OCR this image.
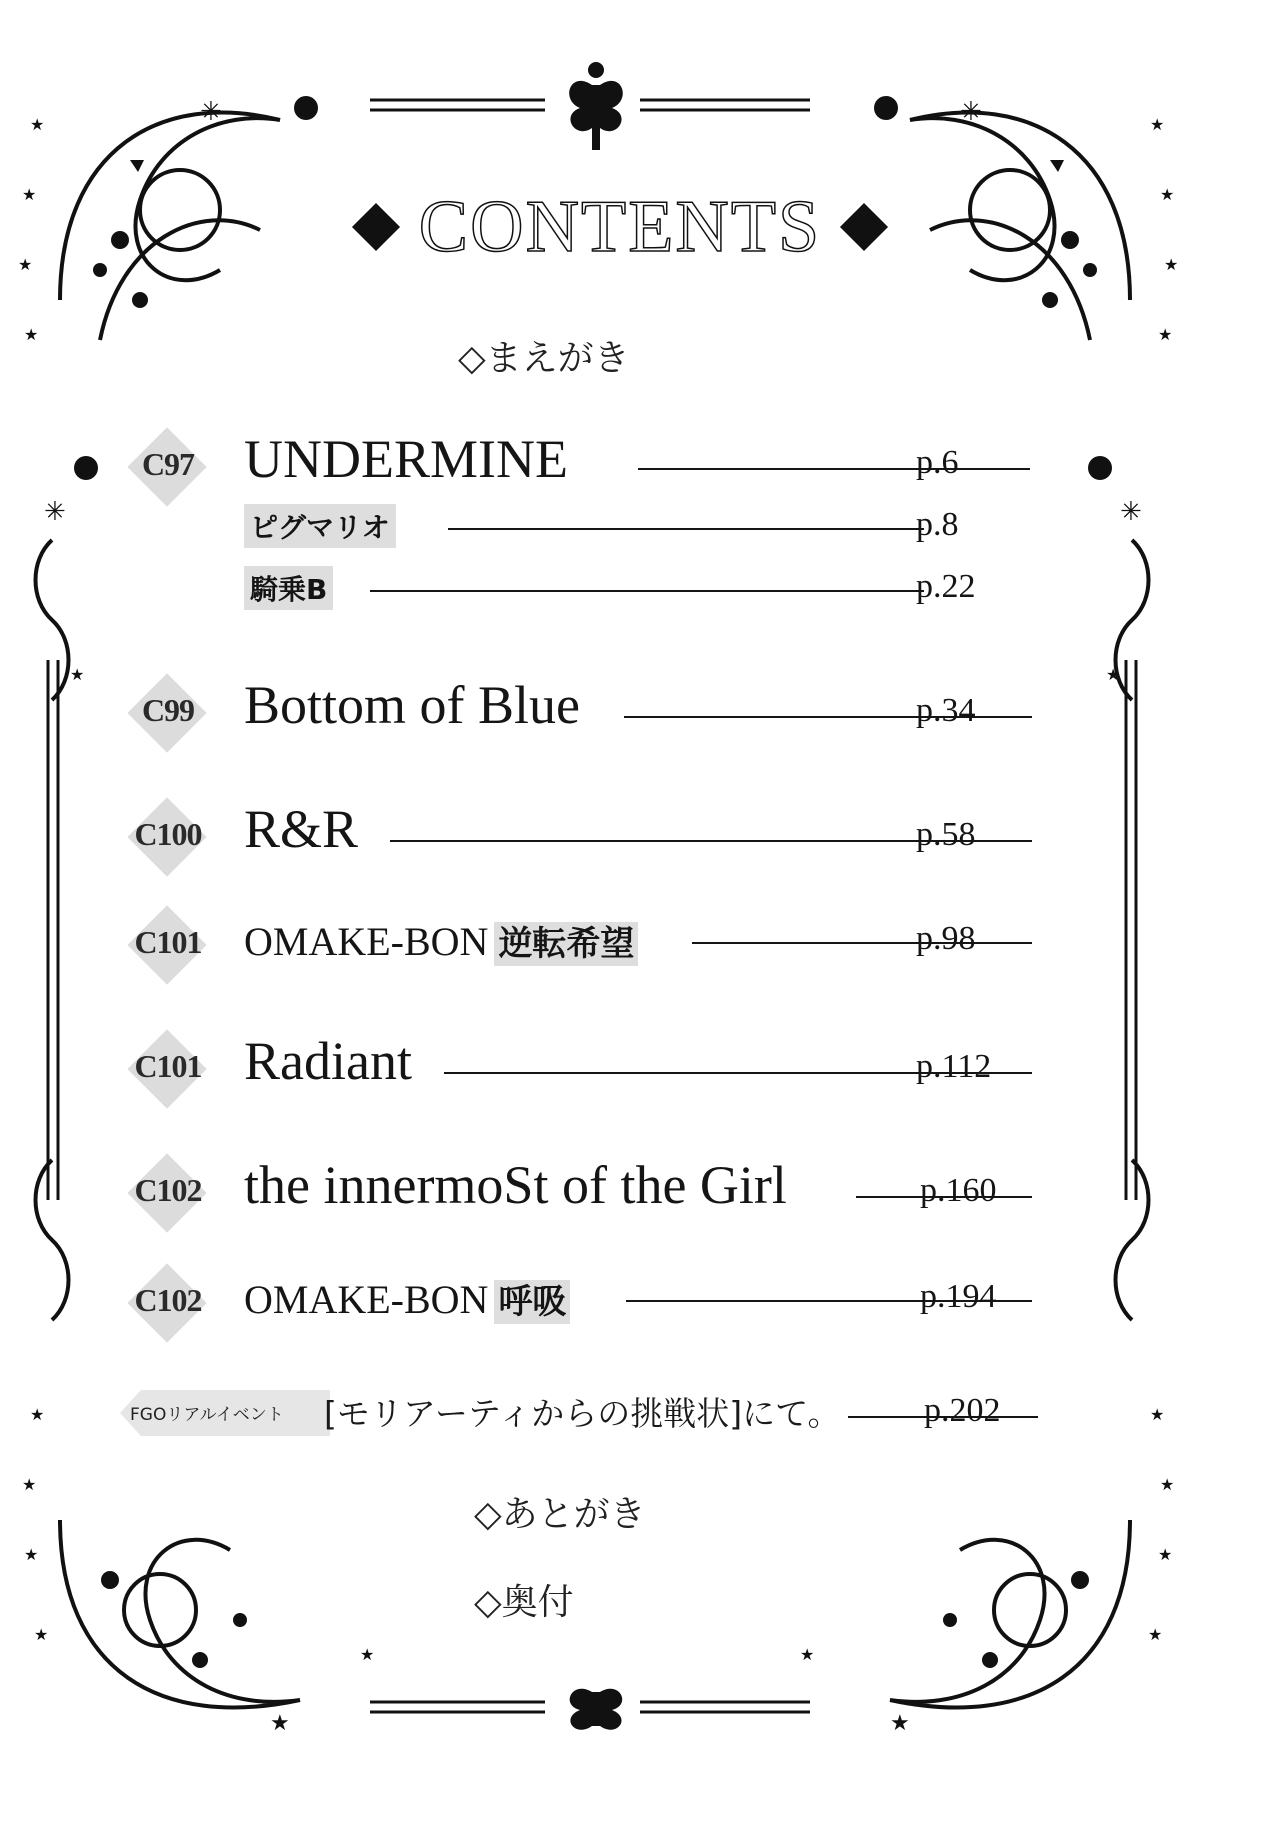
★
★
★
★
★
★
★
★
★
★
★
★
★
★
★
★
★	★
★	★
★	★
✳	✳
✳	✳
CONTENTS
◇まえがき
C97 UNDERMINE	p.6
ピグマリオ	p.8
騎乗B	p.22
C99 Bottom of Blue	p.34
C100 R&R	p.58
C101	OMAKE-BON 逆転希望	p.98
C101 Radiant	p.112
C102 the innermoSt of the Girl	p.160
C102	OMAKE-BON 呼吸	p.194
FGOリアルイベント [モリアーティからの挑戦状]にて。 p.202
◇あとがき
◇奥付
